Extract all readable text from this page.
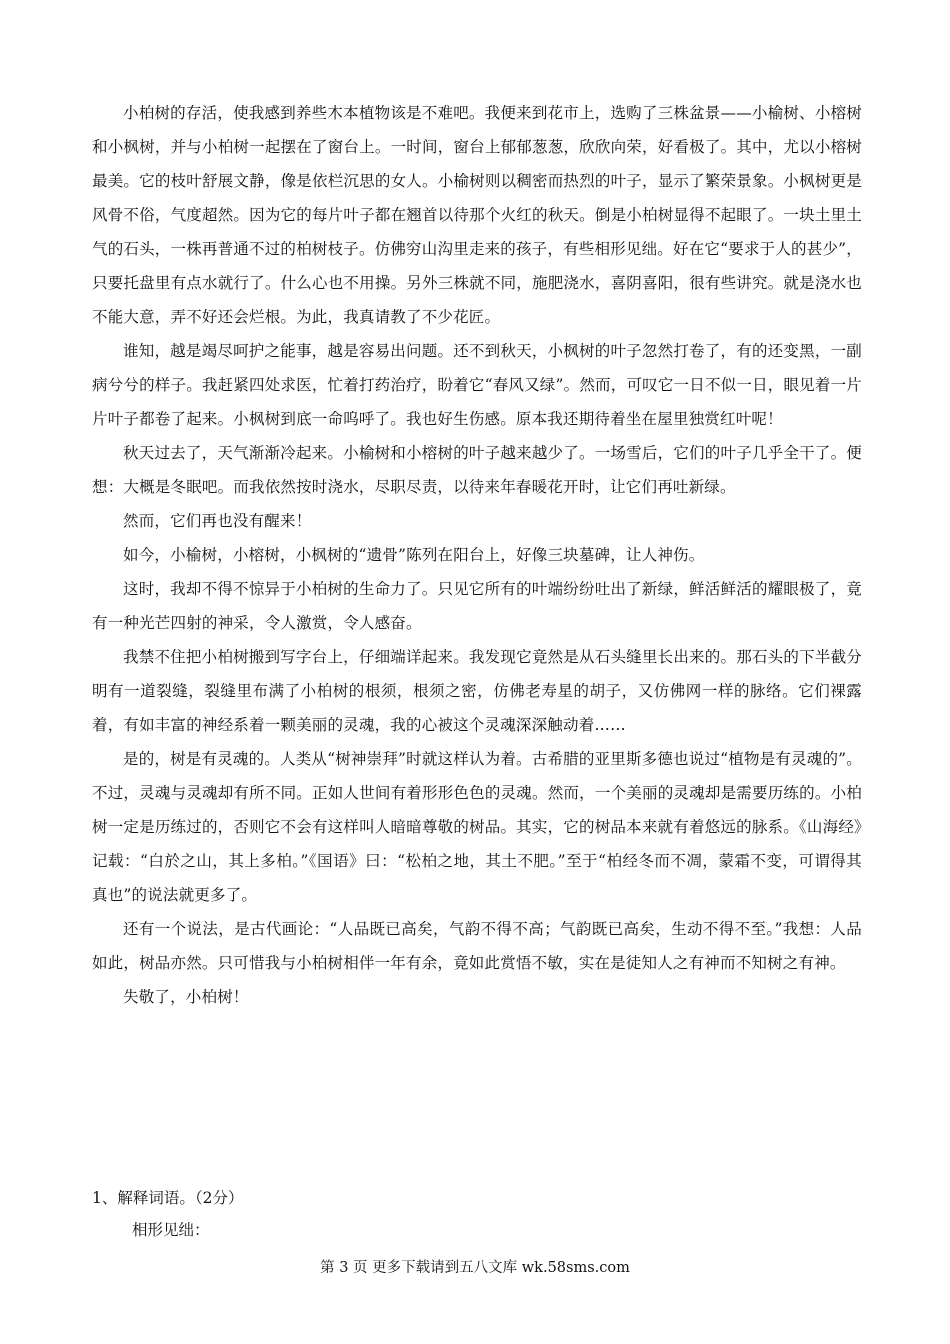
小柏树的存活，使我感到养些木本植物该是不难吧。我便来到花市上，选购了三株盆景——小榆树、小榕树和小枫树，并与小柏树一起摆在了窗台上。一时间，窗台上郁郁葱葱，欣欣向荣，好看极了。其中，尤以小榕树最美。它的枝叶舒展文静，像是依栏沉思的女人。小榆树则以稠密而热烈的叶子，显示了繁荣景象。小枫树更是风骨不俗，气度超然。因为它的每片叶子都在翘首以待那个火红的秋天。倒是小柏树显得不起眼了。一块土里土气的石头，一株再普通不过的柏树枝子。仿佛穷山沟里走来的孩子，有些相形见绌。好在它“要求于人的甚少”，只要托盘里有点水就行了。什么心也不用操。另外三株就不同，施肥浇水，喜阴喜阳，很有些讲究。就是浇水也不能大意，弄不好还会烂根。为此，我真请教了不少花匠。

谁知，越是竭尽呵护之能事，越是容易出问题。还不到秋天，小枫树的叶子忽然打卷了，有的还变黑，一副病兮兮的样子。我赶紧四处求医，忙着打药治疗，盼着它“春风又绿”。然而，可叹它一日不似一日，眼见着一片片叶子都卷了起来。小枫树到底一命呜呼了。我也好生伤感。原本我还期待着坐在屋里独赏红叶呢！

秋天过去了，天气渐渐冷起来。小榆树和小榕树的叶子越来越少了。一场雪后，它们的叶子几乎全干了。便想：大概是冬眠吧。而我依然按时浇水，尽职尽责，以待来年春暖花开时，让它们再吐新绿。

然而，它们再也没有醒来！

如今，小榆树，小榕树，小枫树的“遗骨”陈列在阳台上，好像三块墓碑，让人神伤。

这时，我却不得不惊异于小柏树的生命力了。只见它所有的叶端纷纷吐出了新绿，鲜活鲜活的耀眼极了，竟有一种光芒四射的神采，令人激赏，令人感奋。

我禁不住把小柏树搬到写字台上，仔细端详起来。我发现它竟然是从石头缝里长出来的。那石头的下半截分明有一道裂缝，裂缝里布满了小柏树的根须，根须之密，仿佛老寿星的胡子，又仿佛网一样的脉络。它们裸露着，有如丰富的神经系着一颗美丽的灵魂，我的心被这个灵魂深深触动着……

是的，树是有灵魂的。人类从“树神崇拜”时就这样认为着。古希腊的亚里斯多德也说过“植物是有灵魂的”。不过，灵魂与灵魂却有所不同。正如人世间有着形形色色的灵魂。然而，一个美丽的灵魂却是需要历练的。小柏树一定是历练过的，否则它不会有这样叫人暗暗尊敬的树品。其实，它的树品本来就有着悠远的脉系。《山海经》记载：“白於之山，其上多柏。”《国语》曰：“松柏之地，其土不肥。”至于“柏经冬而不凋，蒙霜不变，可谓得其真也”的说法就更多了。

还有一个说法，是古代画论：“人品既已高矣，气韵不得不高；气韵既已高矣，生动不得不至。”我想：人品如此，树品亦然。只可惜我与小柏树相伴一年有余，竟如此赏悟不敏，实在是徒知人之有神而不知树之有神。

失敬了，小柏树！

1、解释词语。（2分）

相形见绌：

第 3 页 更多下载请到五八文库 wk.58sms.com
